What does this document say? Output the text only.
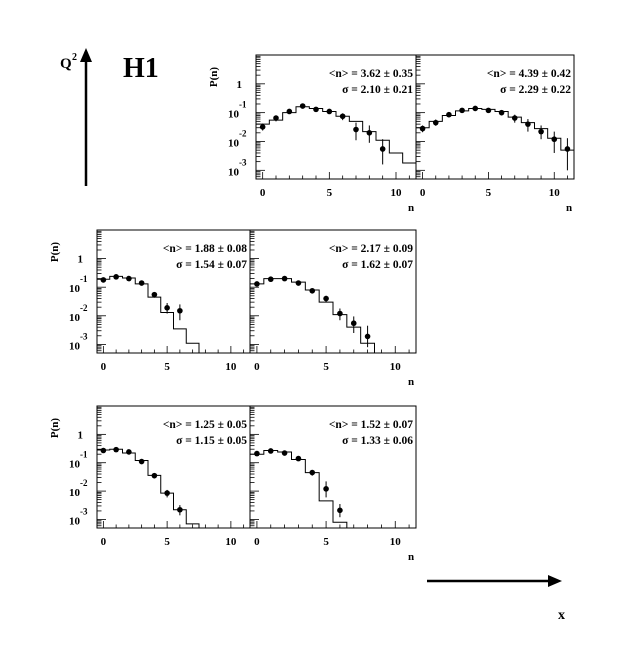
Q 2 H1
x
0	5	10
1
10
-1
10
-2
10
-3
P(n)
n
<n> = 3.62 ± 0.35
σ = 2.10 ± 0.21
0	5	10
n
<n> = 4.39 ± 0.42
σ = 2.29 ± 0.22
0	5	10
1
10
-1
10
-2
10
-3
P(n)	<n> = 1.88 ± 0.08
σ = 1.54 ± 0.07
0	5	10
n
<n> = 2.17 ± 0.09
σ = 1.62 ± 0.07
0	5	10
1
10
-1
10
-2
10
-3
P(n)	<n> = 1.25 ± 0.05
σ = 1.15 ± 0.05
0	5	10
n
<n> = 1.52 ± 0.07
σ = 1.33 ± 0.06
